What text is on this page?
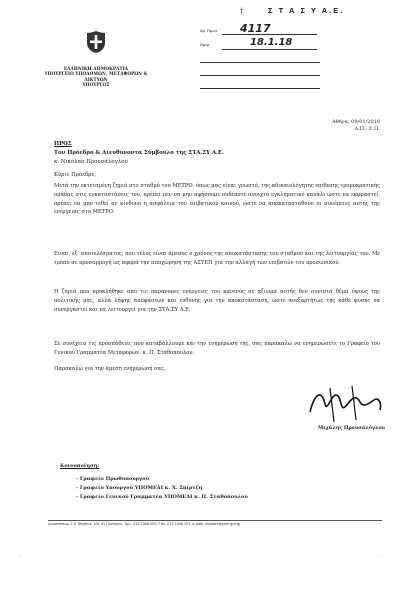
ΕΛΛΗΝΙΚΗ ΔΗΜΟΚΡΑΤΙΑ
ΥΠΟΥΡΓΕΙΟ ΥΠΟΔΟΜΩΝ, ΜΕΤΑΦΟΡΩΝ & ΔΙΚΤΥΩΝ
ΥΠΟΥΡΓΟΣ
†	Σ Τ Α Σ Υ Α.Ε.
Αρ. Πρωτ. 4117
Ημερ.	18.1.18
Αθήνα, 09/01/2018
Α.Π.: Σ.Π.
ΠΡΟΣ
Τον Πρόεδρο & Διευθύνοντα Σύμβουλο της ΣΤΑ.ΣΥ Α.Ε.
κ. Νικόλαο Προυσάλογλου
Κύριε Πρόεδρε,
Μετά την εκτεταμένη ζημιά στο σταθμό του ΜΕΤΡΟ, όπως μας είναι γνωστό, της αδικαιολόγητης επίθεσης τρομοκρατικής ομάδας στις εγκαταστάσεις του, πρέπει μεν να μην αφήσουμε ουδέποτε ανοιχτό εγκληματικό κανάλι ώστε να εκφραστεί, πρέπει να μην τεθεί σε κίνδυνο η ασφάλεια του επιβατικού κοινού, ώστε να αποκατασταθούν οι συνέπειες αυτής της ενέργειας στο ΜΕΤΡΟ.
Ειναι, εξ’ αποτελέσματος, που τέλος είναι άμεσος ο χρόνος της αποκατάστασης του σταθμού και της λειτουργίας του. Με τρόπο σε προσαρμογή ως αφορά την αποχώρηση της ΑΣΥΕΠ για την αλλαγή των επιβατών του προσωπικού.
Η ζημιά που προκλήθηκε από τις παρανομες ενέργειες του κανενός σε αξιωμα αυτής δεν συνιστά θέμα ύψους της πολιτικής μας, αλλά λήψης αποφάσεων και ευθύνης για την αποκατάσταση, ώστε ανεξαρτήτως της κάθε φύσης να συνεργαστεί και να λειτουργεί για την ΣΤΑ.ΣΥ Α.Ε.
Σε συνέχεια τις προσπάθειες που καταβάλλουμε και την ενημέρωση της, σας παρακαλώ να ενημερώσετε το Γραφείο του Γενικού Γραμματέα Μεταφορών, κ. Π. Σταθόπουλου.
Παρακαλώ για την άμεση ενημέρωσή σας.
Μιχάλης Προυσάλογλου
Κοινοποίηση:
- Γραφείο Πρωθυπουργού
- Γραφείο Υπουργού ΥΠΟΜΕΔΙ κ. Χ. Σπίρτζη
- Γραφείο Γενικού Γραμματέα ΥΠΟΜΕΔΙ κ. Π. Σταθόπουλου
Αναστάσεως 2 & Τσιγάντε, 101 91 Παπάγου, Τηλ.: 213 1308 000, Fax: 213 1308 101, e-mail: minister@yme.gov.gr
·	·
